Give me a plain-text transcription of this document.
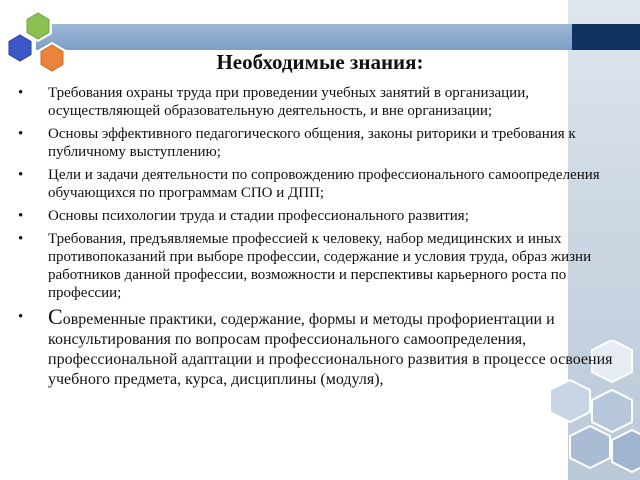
Необходимые знания:
• Требования охраны труда при проведении учебных занятий в организации, осуществляющей образовательную деятельность, и вне организации;
• Основы эффективного педагогического общения, законы риторики и требования к публичному выступлению;
• Цели и задачи деятельности по сопровождению профессионального самоопределения обучающихся по программам СПО и ДПП;
• Основы психологии труда и стадии профессионального развития;
• Требования, предъявляемые профессией к человеку, набор медицинских и иных противопоказаний при выборе профессии, содержание и условия труда, образ жизни работников данной профессии, возможности и перспективы карьерного роста по профессии;
• Современные практики, содержание, формы и методы профориентации и консультирования по вопросам профессионального самоопределения, профессиональной адаптации и профессионального развития в процессе освоения учебного предмета, курса, дисциплины (модуля),
